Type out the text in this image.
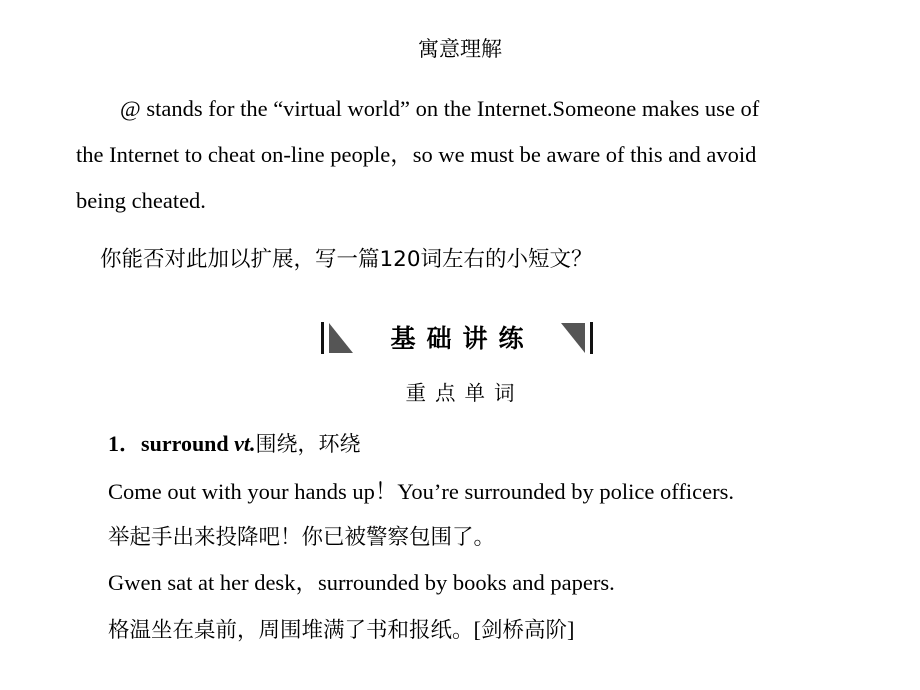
寓意理解
@ stands for the “virtual world” on the Internet.Someone makes use of
the Internet to cheat on-line people，so we must be aware of this and avoid
being cheated.
你能否对此加以扩展，写一篇120词左右的小短文？
基础讲练
重点单词
1．surround vt.围绕，环绕
Come out with your hands up！You’re surrounded by police officers.
举起手出来投降吧！你已被警察包围了。
Gwen sat at her desk，surrounded by books and papers.
格温坐在桌前，周围堆满了书和报纸。[剑桥高阶]
